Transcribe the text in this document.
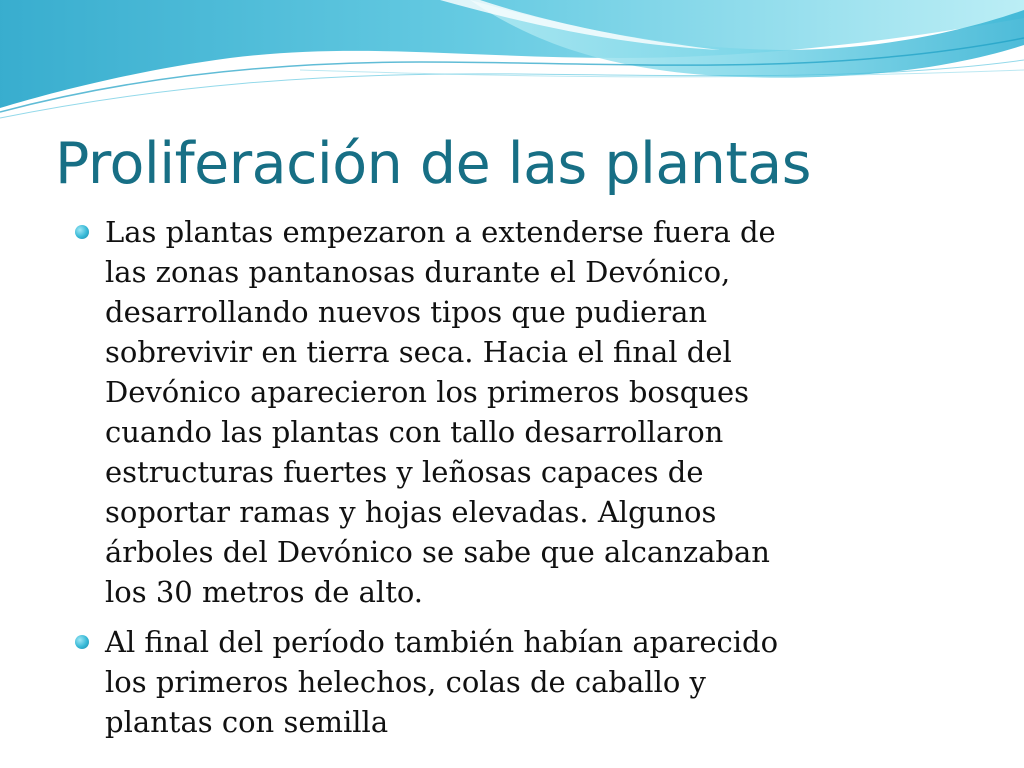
Proliferación de las plantas
Las plantas empezaron a extenderse fuera de las zonas pantanosas durante el Devónico, desarrollando nuevos tipos que pudieran sobrevivir en tierra seca. Hacia el final del Devónico aparecieron los primeros bosques cuando las plantas con tallo desarrollaron estructuras fuertes y leñosas capaces de soportar ramas y hojas elevadas. Algunos árboles del Devónico se sabe que alcanzaban los 30 metros de alto.
Al final del período también habían aparecido los primeros helechos, colas de caballo y plantas con semilla
